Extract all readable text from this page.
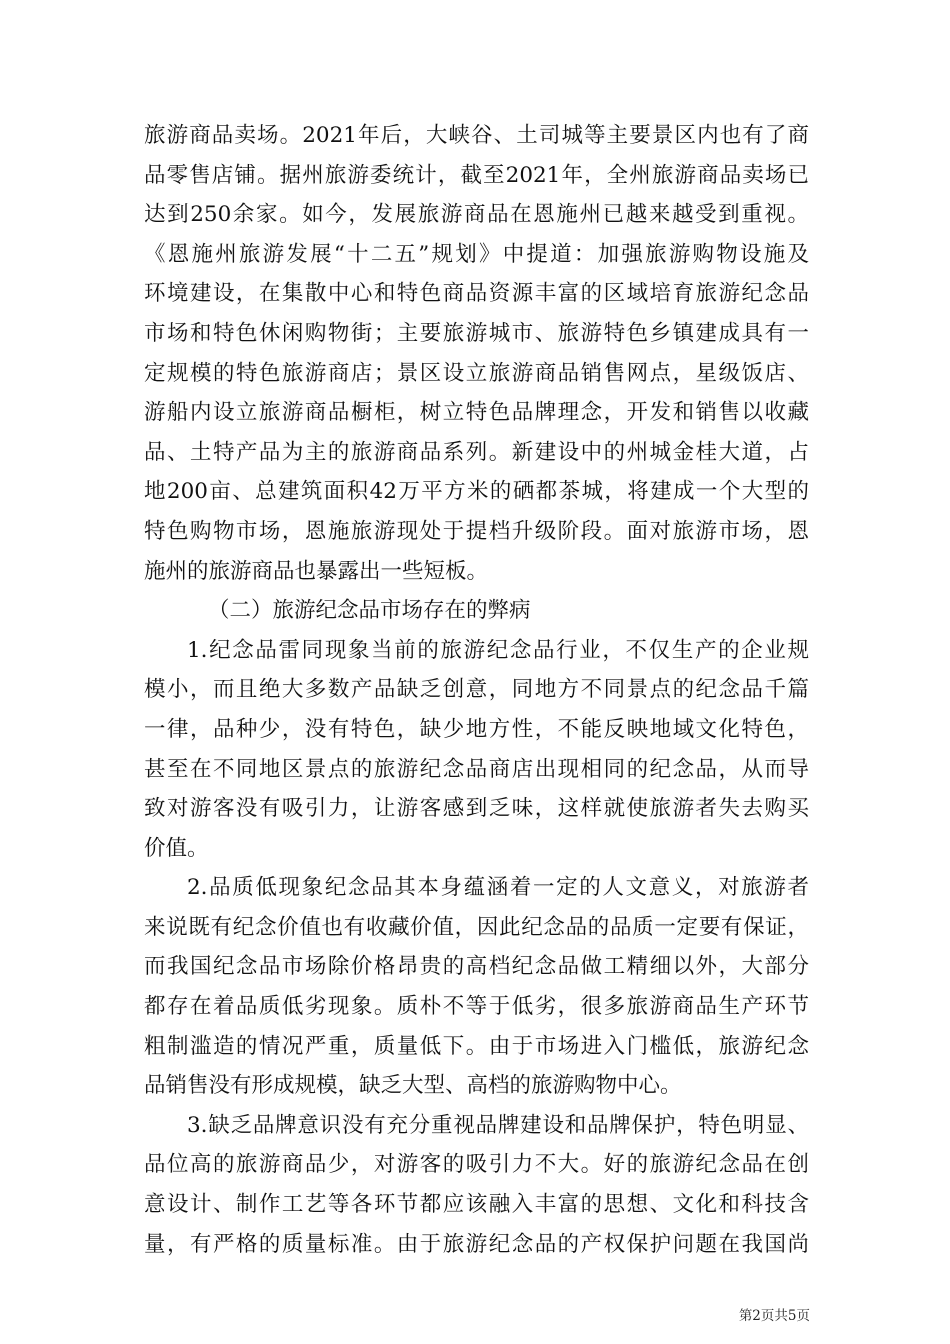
旅游商品卖场。2021年后，大峡谷、土司城等主要景区内也有了商
品零售店铺。据州旅游委统计，截至2021年，全州旅游商品卖场已
达到250余家。如今，发展旅游商品在恩施州已越来越受到重视。
《恩施州旅游发展“十二五”规划》中提道：加强旅游购物设施及
环境建设，在集散中心和特色商品资源丰富的区域培育旅游纪念品
市场和特色休闲购物街；主要旅游城市、旅游特色乡镇建成具有一
定规模的特色旅游商店；景区设立旅游商品销售网点，星级饭店、
游船内设立旅游商品橱柜，树立特色品牌理念，开发和销售以收藏
品、土特产品为主的旅游商品系列。新建设中的州城金桂大道，占
地200亩、总建筑面积42万平方米的硒都茶城，将建成一个大型的
特色购物市场，恩施旅游现处于提档升级阶段。面对旅游市场，恩
施州的旅游商品也暴露出一些短板。
（二）旅游纪念品市场存在的弊病
1.纪念品雷同现象当前的旅游纪念品行业，不仅生产的企业规
模小，而且绝大多数产品缺乏创意，同地方不同景点的纪念品千篇
一律，品种少，没有特色，缺少地方性，不能反映地域文化特色，
甚至在不同地区景点的旅游纪念品商店出现相同的纪念品，从而导
致对游客没有吸引力，让游客感到乏味，这样就使旅游者失去购买
价值。
2.品质低现象纪念品其本身蕴涵着一定的人文意义，对旅游者
来说既有纪念价值也有收藏价值，因此纪念品的品质一定要有保证，
而我国纪念品市场除价格昂贵的高档纪念品做工精细以外，大部分
都存在着品质低劣现象。质朴不等于低劣，很多旅游商品生产环节
粗制滥造的情况严重，质量低下。由于市场进入门槛低，旅游纪念
品销售没有形成规模，缺乏大型、高档的旅游购物中心。
3.缺乏品牌意识没有充分重视品牌建设和品牌保护，特色明显、
品位高的旅游商品少，对游客的吸引力不大。好的旅游纪念品在创
意设计、制作工艺等各环节都应该融入丰富的思想、文化和科技含
量，有严格的质量标准。由于旅游纪念品的产权保护问题在我国尚
第2页共5页
